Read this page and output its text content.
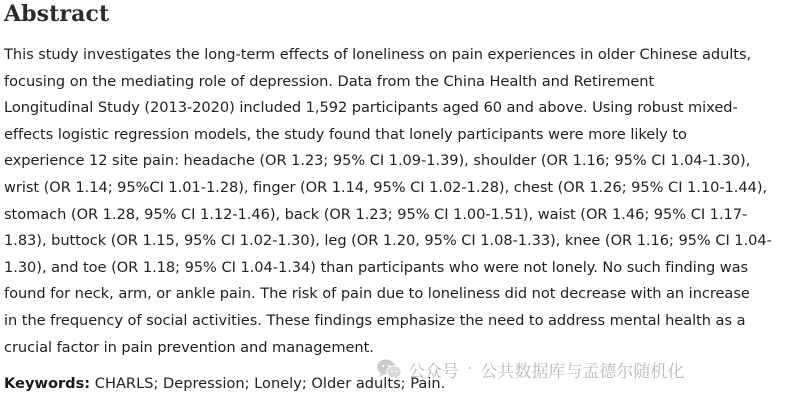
Abstract

This study investigates the long-term effects of loneliness on pain experiences in older Chinese adults,
focusing on the mediating role of depression. Data from the China Health and Retirement
Longitudinal Study (2013-2020) included 1,592 participants aged 60 and above. Using robust mixed-
effects logistic regression models, the study found that lonely participants were more likely to
experience 12 site pain: headache (OR 1.23; 95% CI 1.09-1.39), shoulder (OR 1.16; 95% CI 1.04-1.30),
wrist (OR 1.14; 95%CI 1.01-1.28), finger (OR 1.14, 95% CI 1.02-1.28), chest (OR 1.26; 95% CI 1.10-1.44),
stomach (OR 1.28, 95% CI 1.12-1.46), back (OR 1.23; 95% CI 1.00-1.51), waist (OR 1.46; 95% CI 1.17-
1.83), buttock (OR 1.15, 95% CI 1.02-1.30), leg (OR 1.20, 95% CI 1.08-1.33), knee (OR 1.16; 95% CI 1.04-
1.30), and toe (OR 1.18; 95% CI 1.04-1.34) than participants who were not lonely. No such finding was
found for neck, arm, or ankle pain. The risk of pain due to loneliness did not decrease with an increase
in the frequency of social activities. These findings emphasize the need to address mental health as a
crucial factor in pain prevention and management.

公众号 · 公共数据库与孟德尔随机化

Keywords: CHARLS; Depression; Lonely; Older adults; Pain.
